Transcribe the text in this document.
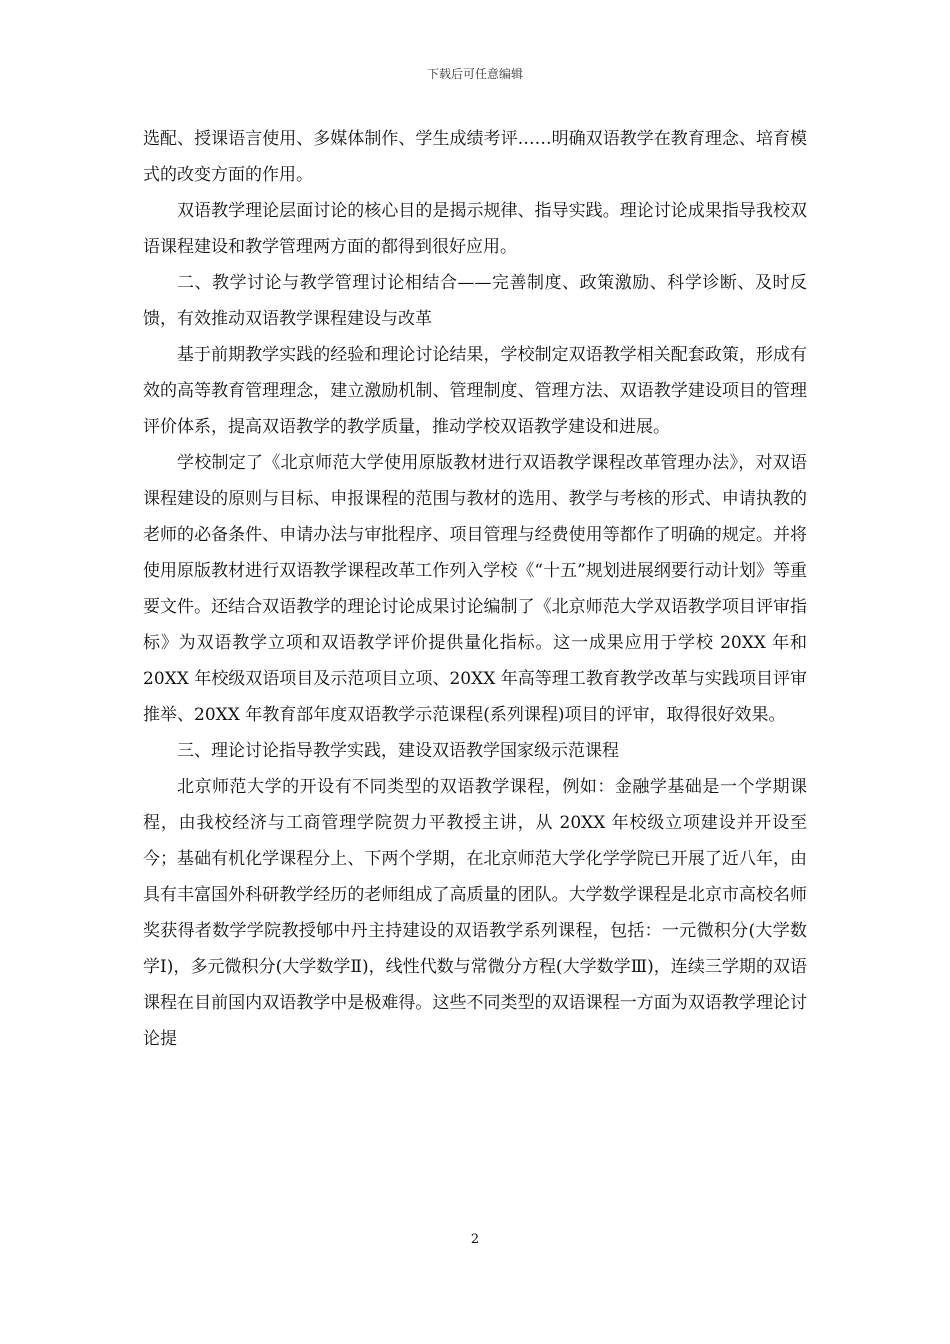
下载后可任意编辑

选配、授课语言使用、多媒体制作、学生成绩考评……明确双语教学在教育理念、培育模式的改变方面的作用。

双语教学理论层面讨论的核心目的是揭示规律、指导实践。理论讨论成果指导我校双语课程建设和教学管理两方面的都得到很好应用。

二、教学讨论与教学管理讨论相结合——完善制度、政策激励、科学诊断、及时反馈，有效推动双语教学课程建设与改革

基于前期教学实践的经验和理论讨论结果，学校制定双语教学相关配套政策，形成有效的高等教育管理理念，建立激励机制、管理制度、管理方法、双语教学建设项目的管理评价体系，提高双语教学的教学质量，推动学校双语教学建设和进展。

学校制定了《北京师范大学使用原版教材进行双语教学课程改革管理办法》，对双语课程建设的原则与目标、申报课程的范围与教材的选用、教学与考核的形式、申请执教的老师的必备条件、申请办法与审批程序、项目管理与经费使用等都作了明确的规定。并将使用原版教材进行双语教学课程改革工作列入学校《“十五”规划进展纲要行动计划》等重要文件。还结合双语教学的理论讨论成果讨论编制了《北京师范大学双语教学项目评审指标》为双语教学立项和双语教学评价提供量化指标。这一成果应用于学校 20XX 年和 20XX 年校级双语项目及示范项目立项、20XX 年高等理工教育教学改革与实践项目评审推举、20XX 年教育部年度双语教学示范课程(系列课程)项目的评审，取得很好效果。

三、理论讨论指导教学实践，建设双语教学国家级示范课程

北京师范大学的开设有不同类型的双语教学课程，例如：金融学基础是一个学期课程，由我校经济与工商管理学院贺力平教授主讲，从 20XX 年校级立项建设并开设至今；基础有机化学课程分上、下两个学期，在北京师范大学化学学院已开展了近八年，由具有丰富国外科研教学经历的老师组成了高质量的团队。大学数学课程是北京市高校名师奖获得者数学学院教授郇中丹主持建设的双语教学系列课程，包括：一元微积分(大学数学Ⅰ)，多元微积分(大学数学Ⅱ)，线性代数与常微分方程(大学数学Ⅲ)，连续三学期的双语课程在目前国内双语教学中是极难得。这些不同类型的双语课程一方面为双语教学理论讨论提

2
